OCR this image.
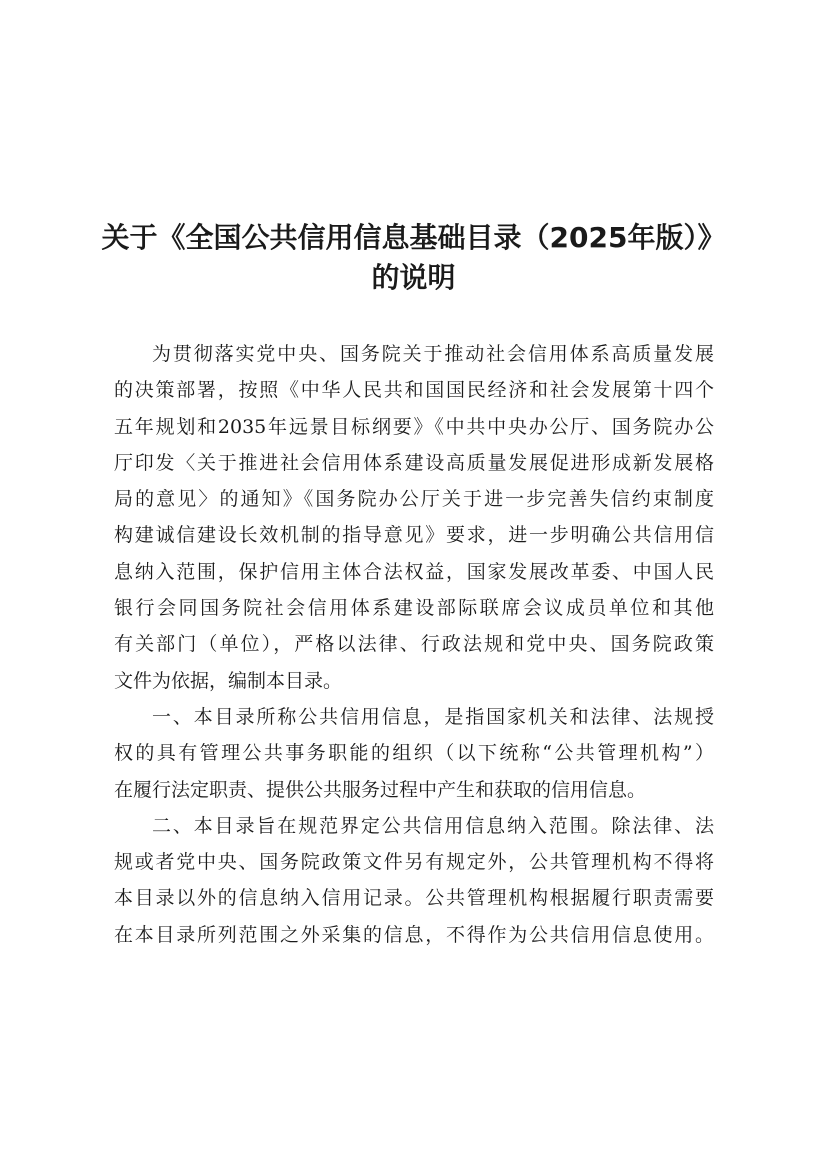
关于《全国公共信用信息基础目录（2025年版）》
的说明
为贯彻落实党中央、国务院关于推动社会信用体系高质量发展
的决策部署，按照《中华人民共和国国民经济和社会发展第十四个
五年规划和2035年远景目标纲要》《中共中央办公厅、国务院办公
厅印发〈关于推进社会信用体系建设高质量发展促进形成新发展格
局的意见〉的通知》《国务院办公厅关于进一步完善失信约束制度
构建诚信建设长效机制的指导意见》要求，进一步明确公共信用信
息纳入范围，保护信用主体合法权益，国家发展改革委、中国人民
银行会同国务院社会信用体系建设部际联席会议成员单位和其他
有关部门（单位），严格以法律、行政法规和党中央、国务院政策
文件为依据，编制本目录。
一、本目录所称公共信用信息，是指国家机关和法律、法规授
权的具有管理公共事务职能的组织（以下统称“公共管理机构”）
在履行法定职责、提供公共服务过程中产生和获取的信用信息。
二、本目录旨在规范界定公共信用信息纳入范围。除法律、法
规或者党中央、国务院政策文件另有规定外，公共管理机构不得将
本目录以外的信息纳入信用记录。公共管理机构根据履行职责需要
在本目录所列范围之外采集的信息，不得作为公共信用信息使用。
